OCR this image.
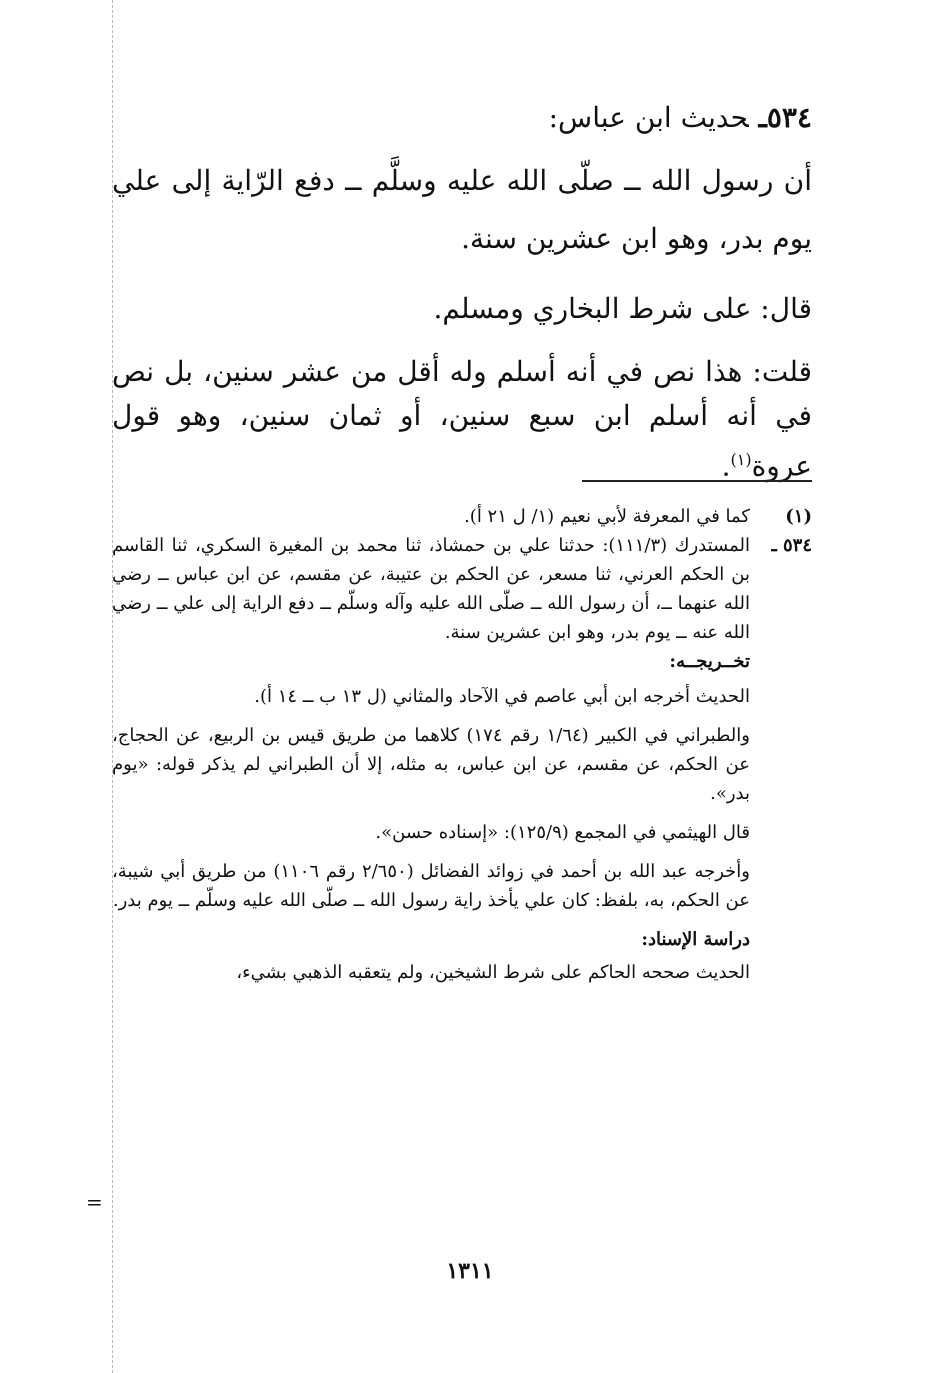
٥٣٤ـحديث ابن عباس:

أن رسول الله ــ صلّى الله عليه وسلَّم ــ دفع الرّاية إلى علي يوم بدر، وهو ابن عشرين سنة.

قال: على شرط البخاري ومسلم.

قلت: هذا نص في أنه أسلم وله أقل من عشر سنين، بل نص في أنه أسلم ابن سبع سنين، أو ثمان سنين، وهو قول عروة$^{(١)}$.

(١)
كما في المعرفة لأبي نعيم (١/ ل ٢١ أ).

٥٣٤ ـ
المستدرك (١١١/٣): حدثنا علي بن حمشاذ، ثنا محمد بن المغيرة السكري، ثنا القاسم بن الحكم العرني، ثنا مسعر، عن الحكم بن عتيبة، عن مقسم، عن ابن عباس ــ رضي الله عنهما ــ، أن رسول الله ــ صلّى الله عليه وآله وسلّم ــ دفع الراية إلى علي ــ رضي الله عنه ــ يوم بدر، وهو ابن عشرين سنة.

تخــريجــه:

الحديث أخرجه ابن أبي عاصم في الآحاد والمثاني (ل ١٣ ب ــ ١٤ أ).

والطبراني في الكبير (١/٦٤ رقم ١٧٤) كلاهما من طريق قيس بن الربيع، عن الحجاج، عن الحكم، عن مقسم، عن ابن عباس، به مثله، إلا أن الطبراني لم يذكر قوله: «يوم بدر».

قال الهيثمي في المجمع (١٢٥/٩): «إسناده حسن».

وأخرجه عبد الله بن أحمد في زوائد الفضائل (٢/٦٥٠ رقم ١١٠٦) من طريق أبي شيبة، عن الحكم، به، بلفظ: كان علي يأخذ راية رسول الله ــ صلّى الله عليه وسلّم ــ يوم بدر.

دراسة الإسناد:

الحديث صححه الحاكم على شرط الشيخين، ولم يتعقبه الذهبي بشيء،

=
١٣١١
